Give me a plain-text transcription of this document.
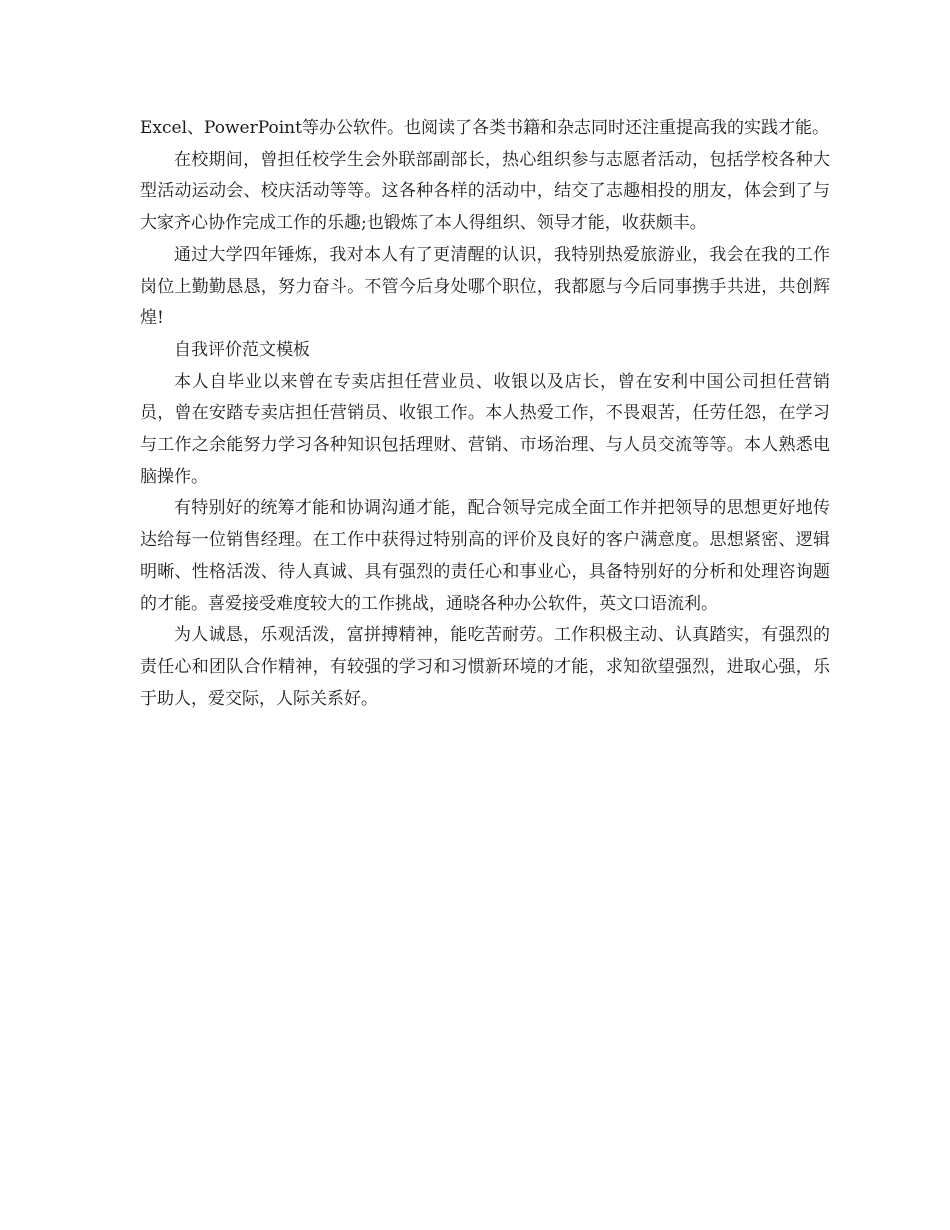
Excel、PowerPoint等办公软件。也阅读了各类书籍和杂志同时还注重提高我的实践才能。

在校期间，曾担任校学生会外联部副部长，热心组织参与志愿者活动，包括学校各种大型活动运动会、校庆活动等等。这各种各样的活动中，结交了志趣相投的朋友，体会到了与大家齐心协作完成工作的乐趣;也锻炼了本人得组织、领导才能，收获颇丰。

通过大学四年锤炼，我对本人有了更清醒的认识，我特别热爱旅游业，我会在我的工作岗位上勤勤恳恳，努力奋斗。不管今后身处哪个职位，我都愿与今后同事携手共进，共创辉煌!

自我评价范文模板

本人自毕业以来曾在专卖店担任营业员、收银以及店长，曾在安利中国公司担任营销员，曾在安踏专卖店担任营销员、收银工作。本人热爱工作，不畏艰苦，任劳任怨，在学习与工作之余能努力学习各种知识包括理财、营销、市场治理、与人员交流等等。本人熟悉电脑操作。

有特别好的统筹才能和协调沟通才能，配合领导完成全面工作并把领导的思想更好地传达给每一位销售经理。在工作中获得过特别高的评价及良好的客户满意度。思想紧密、逻辑明晰、性格活泼、待人真诚、具有强烈的责任心和事业心，具备特别好的分析和处理咨询题的才能。喜爱接受难度较大的工作挑战，通晓各种办公软件，英文口语流利。

为人诚恳，乐观活泼，富拼搏精神，能吃苦耐劳。工作积极主动、认真踏实，有强烈的责任心和团队合作精神，有较强的学习和习惯新环境的才能，求知欲望强烈，进取心强，乐于助人，爱交际，人际关系好。
